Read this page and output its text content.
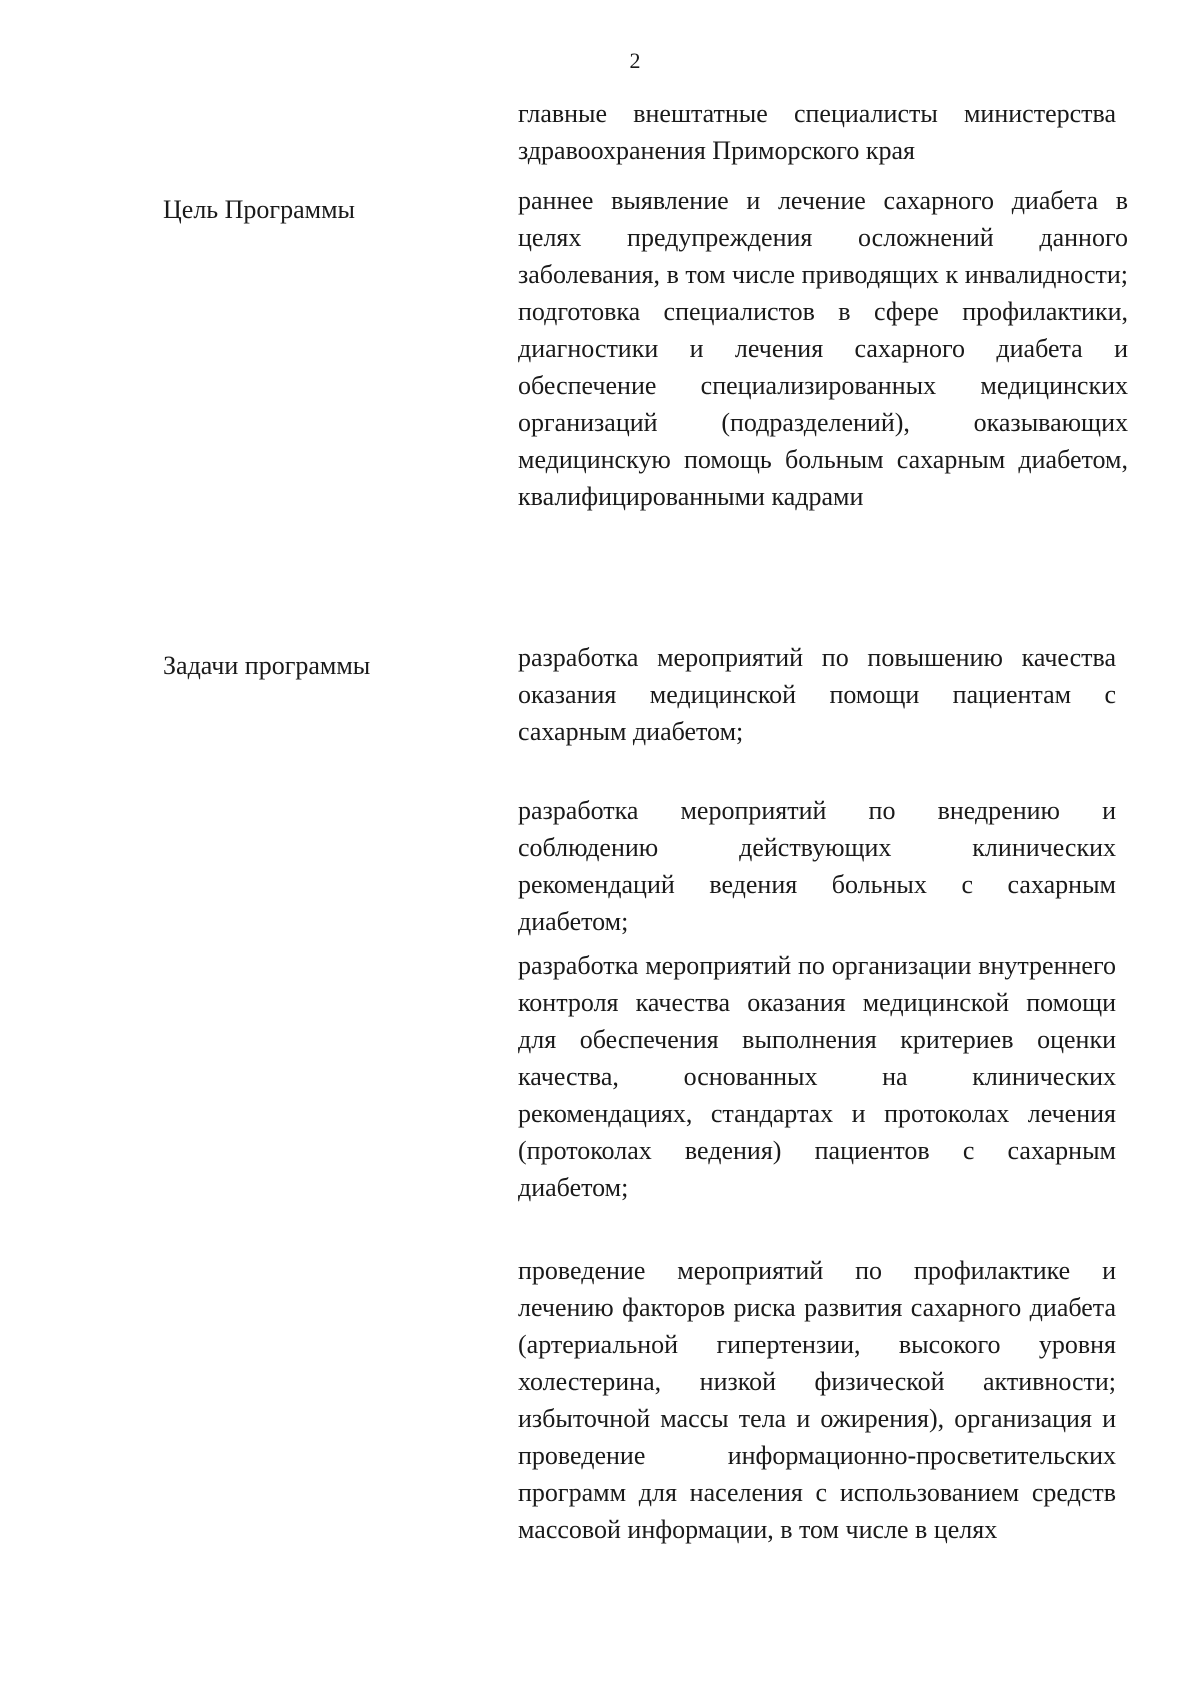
2
главные внештатные специалисты министерства здравоохранения Приморского края
Цель Программы	раннее выявление и лечение сахарного диабета в целях предупреждения осложнений данного заболевания, в том числе приводящих к инвалидности; подготовка специалистов в сфере профилактики, диагностики и лечения сахарного диабета и обеспечение специализированных медицинских организаций (подразделений), оказывающих медицинскую помощь больным сахарным диабетом, квалифицированными кадрами
Задачи программы	разработка мероприятий по повышению качества оказания медицинской помощи пациентам с сахарным диабетом;
разработка мероприятий по внедрению и соблюдению действующих клинических рекомендаций ведения больных с сахарным диабетом;
разработка мероприятий по организации внутреннего контроля качества оказания медицинской помощи для обеспечения выполнения критериев оценки качества, основанных на клинических рекомендациях, стандартах и протоколах лечения (протоколах ведения) пациентов с сахарным диабетом;
проведение мероприятий по профилактике и лечению факторов риска развития сахарного диабета (артериальной гипертензии, высокого уровня холестерина, низкой физической активности; избыточной массы тела и ожирения), организация и проведение информационно-просветительских программ для населения с использованием средств массовой информации, в том числе в целях
